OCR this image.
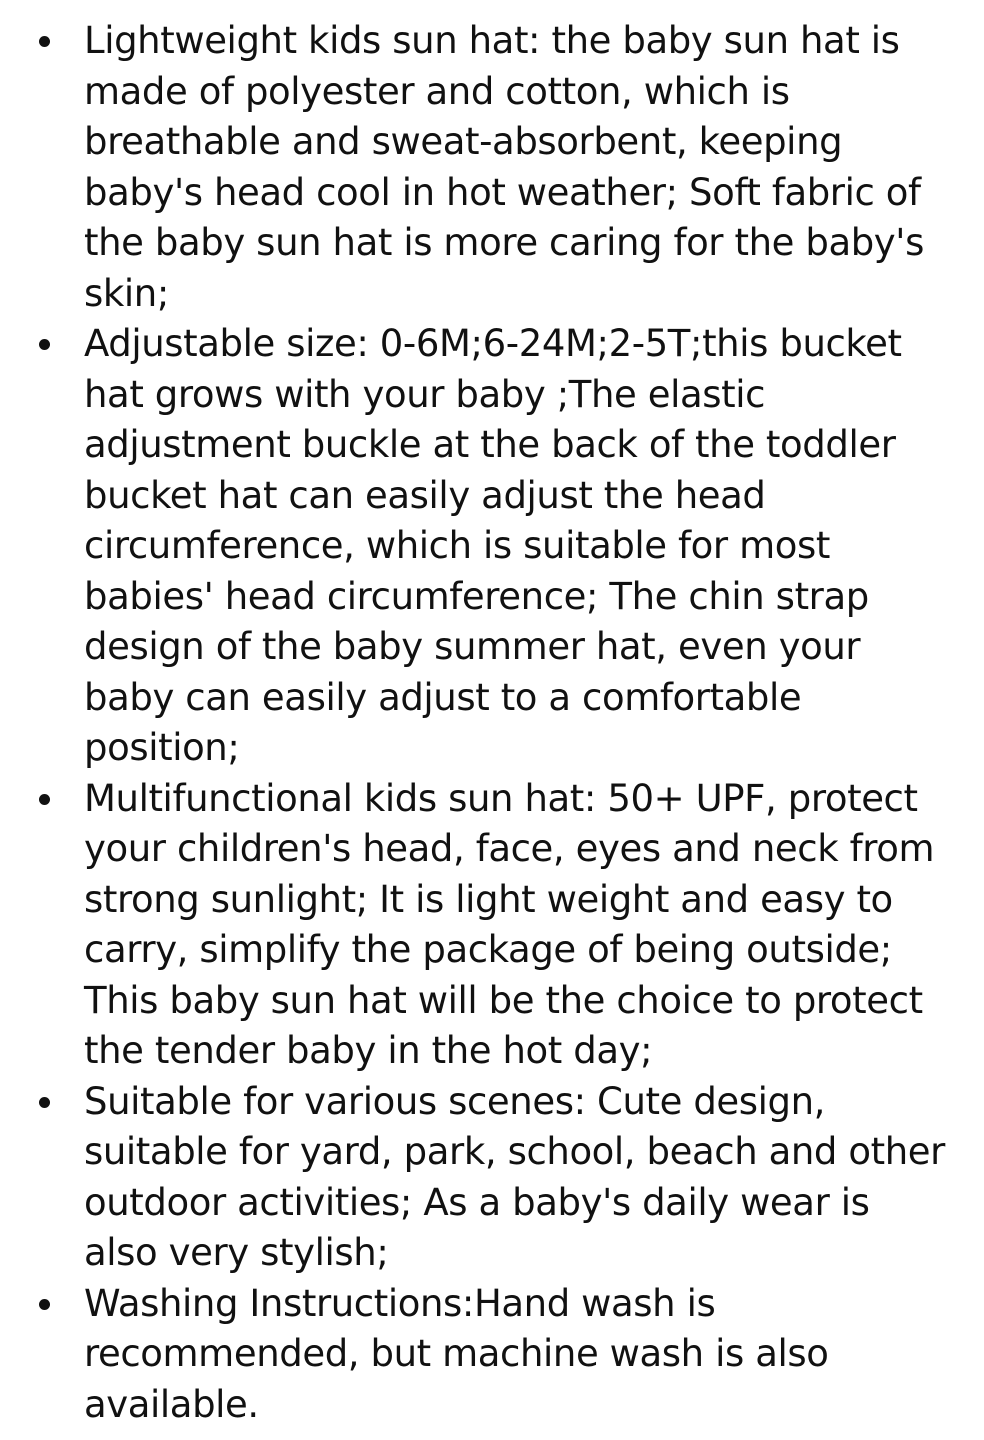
Lightweight kids sun hat: the baby sun hat is made of polyester and cotton, which is breathable and sweat-absorbent, keeping baby's head cool in hot weather; Soft fabric of the baby sun hat is more caring for the baby's skin;
Adjustable size: 0-6M;6-24M;2-5T;this bucket hat grows with your baby ;The elastic adjustment buckle at the back of the toddler bucket hat can easily adjust the head circumference, which is suitable for most babies' head circumference; The chin strap design of the baby summer hat, even your baby can easily adjust to a comfortable position;
Multifunctional kids sun hat: 50+ UPF, protect your children's head, face, eyes and neck from strong sunlight; It is light weight and easy to carry, simplify the package of being outside; This baby sun hat will be the choice to protect the tender baby in the hot day;
Suitable for various scenes: Cute design, suitable for yard, park, school, beach and other outdoor activities; As a baby's daily wear is also very stylish;
Washing Instructions:Hand wash is recommended, but machine wash is also available.
